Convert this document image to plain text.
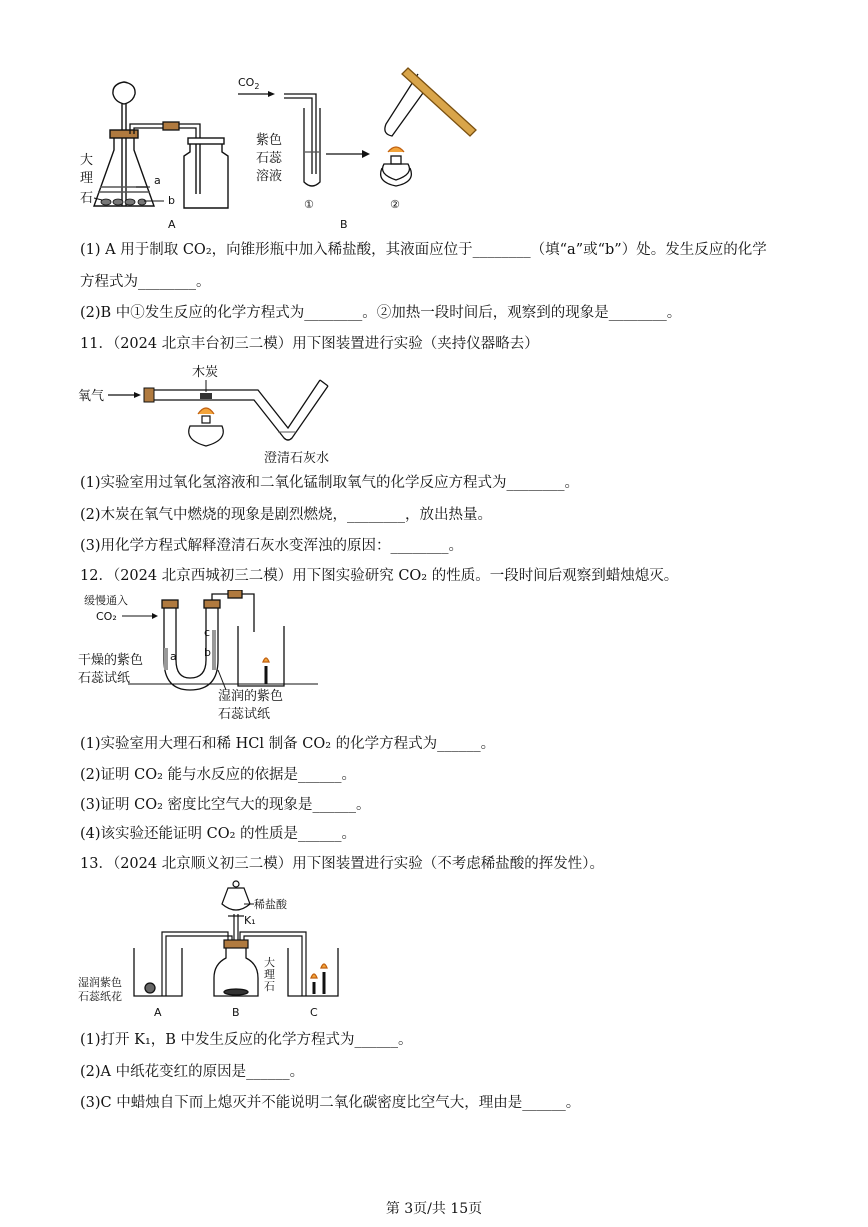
大
理
石
a
b
A
$CO_2$
紫色
石蕊
溶液
①	②
B
(1) A 用于制取 CO₂，向锥形瓶中加入稀盐酸，其液面应位于________（填“a”或“b”）处。发生反应的化学
方程式为________。
(2)B 中①发生反应的化学方程式为________。②加热一段时间后，观察到的现象是________。
11．（2024 北京丰台初三二模）用下图装置进行实验（夹持仪器略去）
氧气
木炭
澄清石灰水
(1)实验室用过氧化氢溶液和二氧化锰制取氧气的化学反应方程式为________。
(2)木炭在氧气中燃烧的现象是剧烈燃烧，________，放出热量。
(3)用化学方程式解释澄清石灰水变浑浊的原因：________。
12．（2024 北京西城初三二模）用下图实验研究 CO₂ 的性质。一段时间后观察到蜡烛熄灭。
缓慢通入
CO₂
a b
c
干燥的紫色
石蕊试纸
湿润的紫色
石蕊试纸
(1)实验室用大理石和稀 HCl 制备 CO₂ 的化学方程式为______。
(2)证明 CO₂ 能与水反应的依据是______。
(3)证明 CO₂ 密度比空气大的现象是______。
(4)该实验还能证明 CO₂ 的性质是______。
13．（2024 北京顺义初三二模）用下图装置进行实验（不考虑稀盐酸的挥发性）。
稀盐酸
K₁
大
理
石
湿润紫色
石蕊纸花
A	B	C
(1)打开 K₁，B 中发生反应的化学方程式为______。
(2)A 中纸花变红的原因是______。
(3)C 中蜡烛自下而上熄灭并不能说明二氧化碳密度比空气大，理由是______。
第 3页/共 15页
